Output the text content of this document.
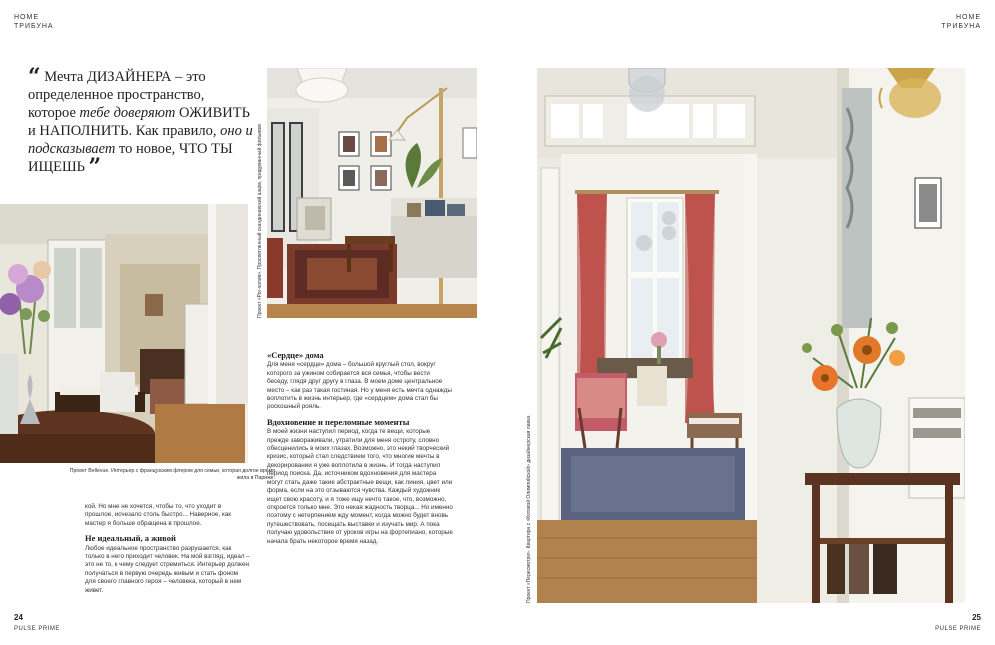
HOME
ТРИБУНА
HOME
ТРИБУНА
“ Мечта ДИЗАЙНЕРА – это определенное пространство, которое тебе доверяют ОЖИВИТЬ и НАПОЛНИТЬ. Как правило, оно и подсказывает то новое, ЧТО ТЫ ИЩЕШЬ ”
Проект Bellevue. Интерьер с французским флером для семьи, которая долгое время жила в Париже.
Проект «Рог-копия». Просветленный скандинавский шарм, придуманный фильмом.

кой. Но мне не хочется, чтобы то, что уходит в прошлое, исчезало столь быстро... Наверное, как мастер я больше обращена в прошлое.

Не идеальный, а живой

Любое идеальное пространство разрушается, как только в него приходит человек. На мой взгляд, идеал – это не то, к чему следует стремиться. Интерьер должен получаться в первую очередь живым и стать фоном для своего главного героя – человека, который в нем живет.

«Сердце» дома

Для меня «сердце» дома – большой круглый стол, вокруг которого за ужином собирается вся семья, чтобы вести беседу, глядя друг другу в глаза. В моем доме центральное место – как раз такая гостиная. Но у меня есть мечта однажды воплотить в жизнь интерьер, где «сердцем» дома стал бы роскошный рояль.

Вдохновение и переломные моменты

В моей жизни наступил период, когда те вещи, которые прежде завораживали, утратили для меня остроту, словно обесценились в моих глазах. Возможно, это некий творческий кризис, который стал следствием того, что многие мечты в декорировании я уже воплотила в жизнь. И тогда наступил период поиска. Да, источником вдохновения для мастера могут стать даже такие абстрактные вещи, как линия, цвет или форма, если на это отзываются чувства. Каждый художник ищет свою красоту, и я тоже ищу нечто такое, что, возможно, откроется только мне. Это некая жадность творца... Но именно поэтому с нетерпением жду момент, когда можно будет вновь путешествовать, посещать выставки и изучать мир. А пока получаю удовольствие от уроков игры на фортепиано, которые начала брать некоторое время назад.	Проект «Пересмотри». Квартира с «Котовой Олимпийской» дизайнерская лавка.
24
PULSE PRIME
25
PULSE PRIME
